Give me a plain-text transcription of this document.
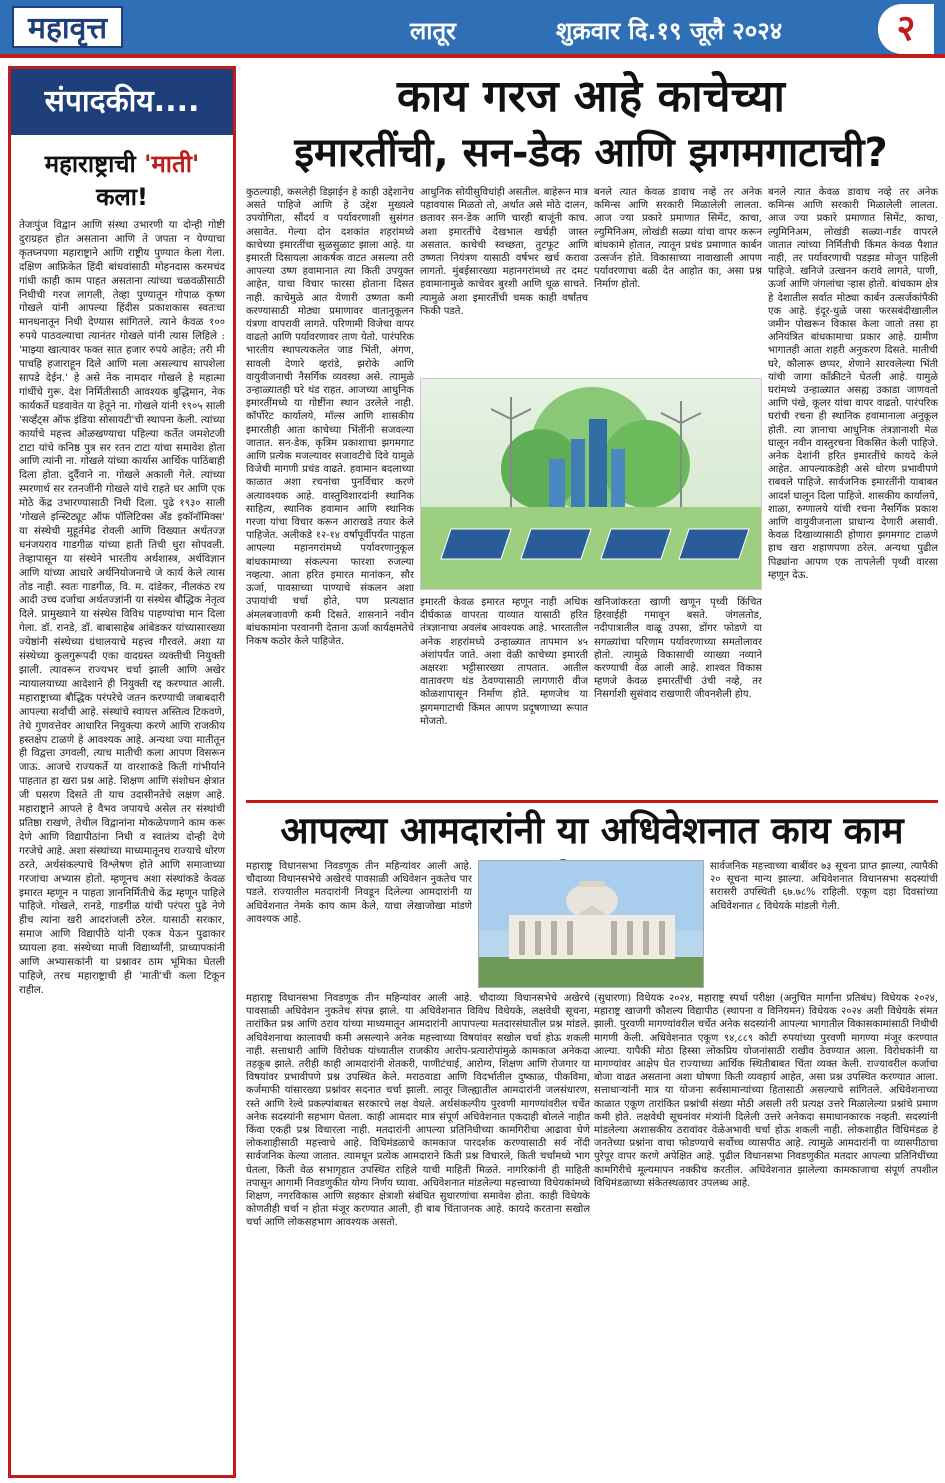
महावृत्त	लातूर	शुक्रवार दि.१९ जूलै २०२४	२
संपादकीय....
महाराष्ट्राची 'माती' कला!
तेजःपुंज विद्वान आणि संस्था उभारणी या दोन्ही गोष्टी दुराग्रहत होत असताना आणि ते जपता न येण्याचा कृतघ्नपणा महाराष्ट्राने आणि राष्ट्रीय पुण्यात केला गेला. दक्षिण आफ्रिकेत हिंदी बांधवांसाठी मोहनदास करमचंद गांधी काही काम पाहत असताना त्यांच्या चळवळीसाठी निधीची गरज लागली, तेव्हा पुण्यातून गोपाळ कृष्ण गोखले यांनी आपल्या हिंदीस प्रकाशकास स्वतःचा मानधनातून निधी देण्यास सांगितले. त्याने केवळ १०० रुपये पाठवल्याचा त्यानंतर गोखले यांनी त्यास लिहिले : 'माझ्या खात्यावर फक्त सात हजार रुपये आहेत; तरी मी पाचहि हजाराहून दिले आणि मला असल्याच सापशेला सापडे देईन.' हे असे नेक नामदार गोखले हे महात्मा गांधींचे गुरू. देश निर्मितीसाठी आवश्यक बुद्धिमान, नेक कार्यकर्ते घडवावेत या हेतूने ना. गोखले यांनी १९०५ साली 'सर्व्हंट्स ऑफ इंडिया सोसायटी'ची स्थापना केली. त्यांच्या कार्याचे महत्त्व ओळखण्याचा पहिल्या कर्तेत जमशेटजी टाटा यांचे कनिष्ठ पुत्र सर रतन टाटा यांचा समावेश होता आणि त्यांनी ना. गोखले यांच्या कार्यास आर्थिक पाठिंबाही दिला होता. दुर्दैवाने ना. गोखले अकाली गेले. त्यांच्या स्मरणार्थ सर रतनजींनी गोखले यांचे राहते घर आणि एक मोठे केंद्र उभारण्यासाठी निधी दिला. पुढे १९३० साली 'गोखले इन्स्टिट्यूट ऑफ पॉलिटिक्स अँड इकॉनॉमिक्स' या संस्थेची मुहूर्तमेढ रोवली आणि विख्यात अर्थतज्ज्ञ धनंजयराव गाडगीळ यांच्या हाती तिची धुरा सोपवली. तेव्हापासून या संस्थेने भारतीय अर्थशास्त्र, अर्थविज्ञान आणि यांच्या आधारे अर्थनियोजनाचे जे कार्य केले त्यास तोड नाही. स्वतः गाडगीळ, वि. म. दांडेकर, नीलकंठ रथ आदी उच्च दर्जाचा अर्थतज्ज्ञांनी या संस्थेस बौद्धिक नेतृत्व दिले. प्रामुख्याने या संस्थेस विविध पाहण्यांचा मान दिला गेला. डॉ. रानडे, डॉ. बाबासाहेब आंबेडकर यांच्यासारख्या ज्येष्ठांनी संस्थेच्या ग्रंथालयाचे महत्त्व गौरवले. अशा या संस्थेच्या कुलगुरूपदी एका वादग्रस्त व्यक्तीची नियुक्ती झाली. त्यावरून राज्यभर चर्चा झाली आणि अखेर न्यायालयाच्या आदेशाने ही नियुक्ती रद्द करण्यात आली. महाराष्ट्राच्या बौद्धिक परंपरेचे जतन करण्याची जबाबदारी आपल्या सर्वांची आहे. संस्थांचे स्वायत्त अस्तित्व टिकवणे, तेथे गुणवत्तेवर आधारित नियुक्त्या करणे आणि राजकीय हस्तक्षेप टाळणे हे आवश्यक आहे. अन्यथा ज्या मातीतून ही विद्वत्ता उगवली, त्याच मातीची कला आपण विसरून जाऊ. आजचे राज्यकर्ते या वारशाकडे किती गांभीर्याने पाहतात हा खरा प्रश्न आहे. शिक्षण आणि संशोधन क्षेत्रात जी घसरण दिसते ती याच उदासीनतेचे लक्षण आहे. महाराष्ट्राने आपले हे वैभव जपायचे असेल तर संस्थांची प्रतिष्ठा राखणे, तेथील विद्वानांना मोकळेपणाने काम करू देणे आणि विद्यापीठांना निधी व स्वातंत्र्य दोन्ही देणे गरजेचे आहे. अशा संस्थांच्या माध्यमातूनच राज्याचे धोरण ठरते, अर्थसंकल्पाचे विश्लेषण होते आणि समाजाच्या गरजांचा अभ्यास होतो. म्हणूनच अशा संस्थांकडे केवळ इमारत म्हणून न पाहता ज्ञाननिर्मितीचे केंद्र म्हणून पाहिले पाहिजे. गोखले, रानडे, गाडगीळ यांची परंपरा पुढे नेणे हीच त्यांना खरी आदरांजली ठरेल. यासाठी सरकार, समाज आणि विद्यापीठे यांनी एकत्र येऊन पुढाकार घ्यायला हवा. संस्थेच्या माजी विद्यार्थ्यांनी, प्राध्यापकांनी आणि अभ्यासकांनी या प्रश्नावर ठाम भूमिका घेतली पाहिजे, तरच महाराष्ट्राची ही 'माती'ची कला टिकून राहील.
काय गरज आहे काचेच्या
इमारतींची, सन-डेक आणि झगमगाटाची?
कुठल्याही, कसलेही डिझाईन हे काही उद्देशानेच असते पाहिजे आणि हे उद्देश मुख्यत्वे उपयोगिता, सौंदर्य व पर्यावरणाशी सुसंगत असावेत. गेल्या दोन दशकांत शहरांमध्ये काचेच्या इमारतींचा सुळसुळाट झाला आहे. या इमारती दिसायला आकर्षक वाटत असल्या तरी आपल्या उष्ण हवामानात त्या किती उपयुक्त आहेत, याचा विचार फारसा होताना दिसत नाही. काचेमुळे आत येणारी उष्णता कमी करण्यासाठी मोठ्या प्रमाणावर वातानुकूलन यंत्रणा वापरावी लागते. परिणामी विजेचा वापर वाढतो आणि पर्यावरणावर ताण येतो. पारंपरिक भारतीय स्थापत्यकलेत जाड भिंती, अंगण, सावली देणारे व्हरांडे, झरोके आणि वायुवीजनाची नैसर्गिक व्यवस्था असे. त्यामुळे उन्हाळ्यातही घरे थंड राहत. आजच्या आधुनिक इमारतींमध्ये या गोष्टींना स्थान उरलेले नाही. कॉर्पोरेट कार्यालये, मॉल्स आणि शासकीय इमारतीही आता काचेच्या भिंतींनी सजवल्या जातात. सन-डेक, कृत्रिम प्रकाशाचा झगमगाट आणि प्रत्येक मजल्यावर सजावटीचे दिवे यामुळे विजेची मागणी प्रचंड वाढते. हवामान बदलाच्या काळात अशा रचनांचा पुनर्विचार करणे अत्यावश्यक आहे. वास्तुविशारदांनी स्थानिक साहित्य, स्थानिक हवामान आणि स्थानिक गरजा यांचा विचार करून आराखडे तयार केले पाहिजेत. अलीकडे १२-१४ वर्षांपूर्वीपर्यंत पाहता आपल्या महानगरांमध्ये पर्यावरणानुकूल बांधकामाच्या संकल्पना फारशा रुजल्या नव्हत्या. आता हरित इमारत मानांकन, सौर ऊर्जा, पावसाच्या पाण्याचे संकलन अशा उपायांची चर्चा होते, पण प्रत्यक्षात अंमलबजावणी कमी दिसते. शासनाने नवीन बांधकामांना परवानगी देताना ऊर्जा कार्यक्षमतेचे निकष कठोर केले पाहिजेत.
आधुनिक सोयीसुविधांही असतील. बाहेरून मात्र पहावयास मिळतो तो, अर्थात असे मोठे दालन, छतावर सन-डेक आणि चारही बाजूंनी काच. अशा इमारतींचे देखभाल खर्चही जास्त असतात. काचेची स्वच्छता, तुटफूट आणि उष्णता नियंत्रण यासाठी वर्षभर खर्च करावा लागतो. मुंबईसारख्या महानगरांमध्ये तर दमट हवामानामुळे काचेवर बुरशी आणि धूळ साचते. त्यामुळे अशा इमारतींची चमक काही वर्षांतच फिकी पडते.
बनले त्यात केवळ डावाच नव्हे तर अनेक कमिन्स आणि सरकारी मिळालेली लालता. आज ज्या प्रकारे प्रमाणात सिमेंट, काचा, ल्युमिनिअम, लोखंडी सळ्या यांचा वापर करून बांधकामे होतात, त्यातून प्रचंड प्रमाणात कार्बन उत्सर्जन होते. विकासाच्या नावाखाली आपण पर्यावरणाचा बळी देत आहोत का, असा प्रश्न निर्माण होतो.
बनले त्यात केवळ डावाच नव्हे तर अनेक कमिन्स आणि सरकारी मिळालेली लालता. आज ज्या प्रकारे प्रमाणात सिमेंट, काचा, ल्युमिनिअम, लोखंडी सळ्या-गर्डर वापरले जातात त्यांच्या निर्मितीची किंमत केवळ पैशात नाही, तर पर्यावरणाची पडझड मोजून पाहिली पाहिजे. खनिजे उत्खनन करावे लागते, पाणी, ऊर्जा आणि जंगलांचा ऱ्हास होतो. बांधकाम क्षेत्र हे देशातील सर्वात मोठ्या कार्बन उत्सर्जकांपैकी एक आहे. इंदूर-धुळे जसा फरसबंदीखालील जमीन पोखरून विकास केला जातो तसा हा अनियंत्रित बांधकामाचा प्रकार आहे. ग्रामीण भागातही आता शहरी अनुकरण दिसते. मातीची घरे, कौलारू छप्पर, शेणाने सारवलेल्या भिंती यांची जागा काँक्रीटने घेतली आहे. यामुळे घरांमध्ये उन्हाळ्यात असह्य उकाडा जाणवतो आणि पंखे, कूलर यांचा वापर वाढतो. पारंपरिक घरांची रचना ही स्थानिक हवामानाला अनुकूल होती. त्या ज्ञानाचा आधुनिक तंत्रज्ञानाशी मेळ घालून नवीन वास्तुरचना विकसित केली पाहिजे. अनेक देशांनी हरित इमारतींचे कायदे केले आहेत. आपल्याकडेही असे धोरण प्रभावीपणे राबवले पाहिजे. सार्वजनिक इमारतींनी याबाबत आदर्श घालून दिला पाहिजे. शासकीय कार्यालये, शाळा, रुग्णालये यांची रचना नैसर्गिक प्रकाश आणि वायुवीजनाला प्राधान्य देणारी असावी. केवळ दिखाव्यासाठी होणारा झगमगाट टाळणे हाच खरा शहाणपणा ठरेल. अन्यथा पुढील पिढ्यांना आपण एक तापलेली पृथ्वी वारसा म्हणून देऊ.
इमारती केवळ इमारत म्हणून नाही अधिक दीर्घकाळ वापरता याव्यात यासाठी हरित तंत्रज्ञानाचा अवलंब आवश्यक आहे. भारतातील अनेक शहरांमध्ये उन्हाळ्यात तापमान ४५ अंशांपर्यंत जाते. अशा वेळी काचेच्या इमारती अक्षरशः भट्टीसारख्या तापतात. आतील वातावरण थंड ठेवण्यासाठी लागणारी वीज कोळशापासून निर्माण होते. म्हणजेच या झगमगाटाची किंमत आपण प्रदूषणाच्या रूपात मोजतो.
खनिजांकरता खाणी खणून पृथ्वी किंचित हिरवाईही गमावून बसते. जंगलतोड, नदीपात्रातील वाळू उपसा, डोंगर फोडणे या सगळ्यांचा परिणाम पर्यावरणाच्या समतोलावर होतो. त्यामुळे विकासाची व्याख्या नव्याने करण्याची वेळ आली आहे. शाश्वत विकास म्हणजे केवळ इमारतींची उंची नव्हे, तर निसर्गाशी सुसंवाद राखणारी जीवनशैली होय.
आपल्या आमदारांनी या अधिवेशनात काय काम
महाराष्ट्र विधानसभा निवडणूक तीन महिन्यांवर आली आहे. चौदाव्या विधानसभेचे अखेरचे पावसाळी अधिवेशन नुकतेच पार पडले. राज्यातील मतदारांनी निवडून दिलेल्या आमदारांनी या अधिवेशनात नेमके काय काम केले, याचा लेखाजोखा मांडणे आवश्यक आहे.
सार्वजनिक महत्त्वाच्या बाबींवर ७३ सूचना प्राप्त झाल्या, त्यापैकी २० सूचना मान्य झाल्या. अधिवेशनात विधानसभा सदस्यांची सरासरी उपस्थिती ६७.७८% राहिली. एकूण दहा दिवसांच्या अधिवेशनात ८ विधेयके मांडली गेली.
महाराष्ट्र विधानसभा निवडणूक तीन महिन्यांवर आली आहे. चौदाव्या विधानसभेचे अखेरचे पावसाळी अधिवेशन नुकतेच संपन्न झाले. या अधिवेशनात विविध विधेयके, लक्षवेधी सूचना, तारांकित प्रश्न आणि ठराव यांच्या माध्यमातून आमदारांनी आपापल्या मतदारसंघातील प्रश्न मांडले. अधिवेशनाचा कालावधी कमी असल्याने अनेक महत्त्वाच्या विषयांवर सखोल चर्चा होऊ शकली नाही. सत्ताधारी आणि विरोधक यांच्यातील राजकीय आरोप-प्रत्यारोपांमुळे कामकाज अनेकदा तहकूब झाले. तरीही काही आमदारांनी शेतकरी, पाणीटंचाई, आरोग्य, शिक्षण आणि रोजगार या विषयांवर प्रभावीपणे प्रश्न उपस्थित केले. मराठवाडा आणि विदर्भातील दुष्काळ, पीकविमा, कर्जमाफी यांसारख्या प्रश्नांवर सदनात चर्चा झाली. लातूर जिल्ह्यातील आमदारांनी जलसंधारण, रस्ते आणि रेल्वे प्रकल्पांबाबत सरकारचे लक्ष वेधले. अर्थसंकल्पीय पुरवणी मागण्यांवरील चर्चेत अनेक सदस्यांनी सहभाग घेतला. काही आमदार मात्र संपूर्ण अधिवेशनात एकदाही बोलले नाहीत किंवा एकही प्रश्न विचारला नाही. मतदारांनी आपल्या प्रतिनिधीच्या कामगिरीचा आढावा घेणे लोकशाहीसाठी महत्त्वाचे आहे. विधिमंडळाचे कामकाज पारदर्शक करण्यासाठी सर्व नोंदी सार्वजनिक केल्या जातात. त्यामधून प्रत्येक आमदाराने किती प्रश्न विचारले, किती चर्चांमध्ये भाग घेतला, किती वेळ सभागृहात उपस्थित राहिले याची माहिती मिळते. नागरिकांनी ही माहिती तपासून आगामी निवडणुकीत योग्य निर्णय घ्यावा. अधिवेशनात मांडलेल्या महत्त्वाच्या विधेयकांमध्ये शिक्षण, नगरविकास आणि सहकार क्षेत्राशी संबंधित सुधारणांचा समावेश होता. काही विधेयके कोणतीही चर्चा न होता मंजूर करण्यात आली, ही बाब चिंताजनक आहे. कायदे करताना सखोल चर्चा आणि लोकसहभाग आवश्यक असतो.
(सुधारणा) विधेयक २०२४, महाराष्ट्र स्पर्धा परीक्षा (अनुचित मार्गांना प्रतिबंध) विधेयक २०२४, महाराष्ट्र खाजगी कौशल्य विद्यापीठ (स्थापना व विनियमन) विधेयक २०२४ अशी विधेयके संमत झाली. पुरवणी मागण्यांवरील चर्चेत अनेक सदस्यांनी आपल्या भागातील विकासकामांसाठी निधीची मागणी केली. अधिवेशनात एकूण ९४,८८९ कोटी रुपयांच्या पुरवणी मागण्या मंजूर करण्यात आल्या. यापैकी मोठा हिस्सा लोकप्रिय योजनांसाठी राखीव ठेवण्यात आला. विरोधकांनी या मागण्यांवर आक्षेप घेत राज्याच्या आर्थिक स्थितीबाबत चिंता व्यक्त केली. राज्यावरील कर्जाचा बोजा वाढत असताना अशा घोषणा किती व्यवहार्य आहेत, असा प्रश्न उपस्थित करण्यात आला. सत्ताधाऱ्यांनी मात्र या योजना सर्वसामान्यांच्या हितासाठी असल्याचे सांगितले. अधिवेशनाच्या काळात एकूण तारांकित प्रश्नांची संख्या मोठी असली तरी प्रत्यक्ष उत्तरे मिळालेल्या प्रश्नांचे प्रमाण कमी होते. लक्षवेधी सूचनांवर मंत्र्यांनी दिलेली उत्तरे अनेकदा समाधानकारक नव्हती. सदस्यांनी मांडलेल्या अशासकीय ठरावांवर वेळेअभावी चर्चा होऊ शकली नाही. लोकशाहीत विधिमंडळ हे जनतेच्या प्रश्नांना वाचा फोडण्याचे सर्वोच्च व्यासपीठ आहे. त्यामुळे आमदारांनी या व्यासपीठाचा पुरेपूर वापर करणे अपेक्षित आहे. पुढील विधानसभा निवडणुकीत मतदार आपल्या प्रतिनिधींच्या कामगिरीचे मूल्यमापन नक्कीच करतील. अधिवेशनात झालेल्या कामकाजाचा संपूर्ण तपशील विधिमंडळाच्या संकेतस्थळावर उपलब्ध आहे.
